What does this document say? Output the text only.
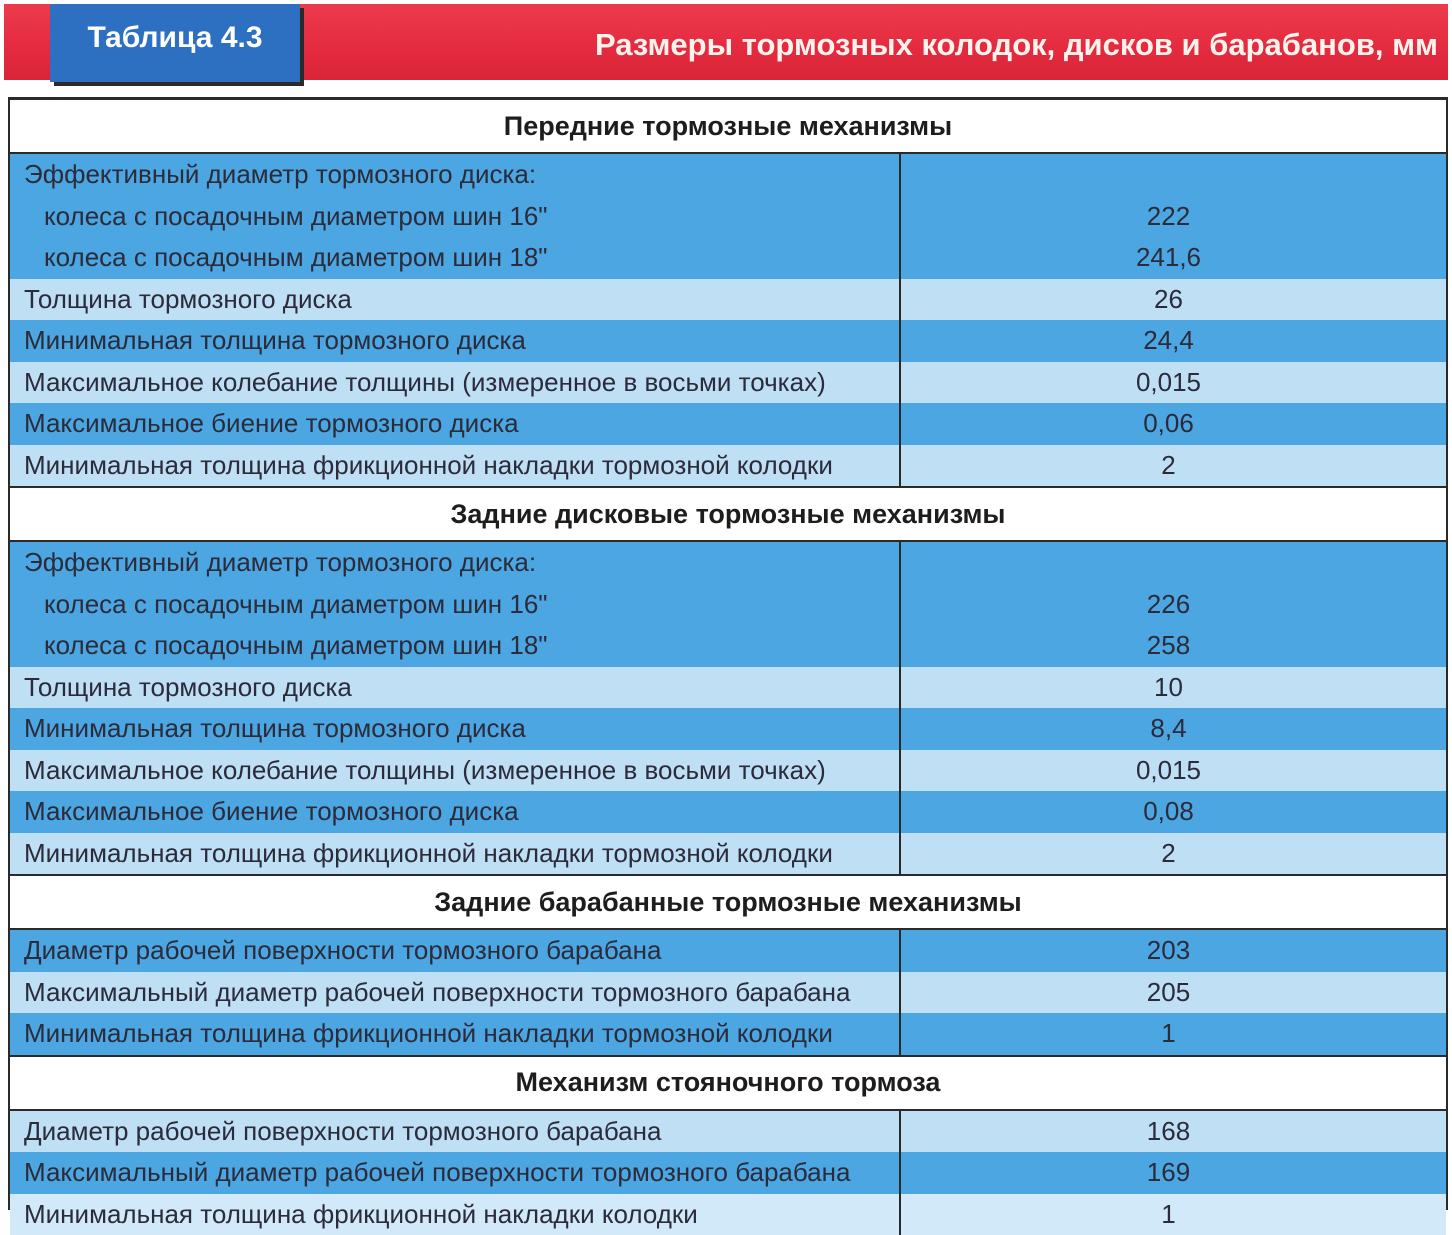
Таблица 4.3	Размеры тормозных колодок, дисков и барабанов, мм
Передние тормозные механизмы
Эффективный диаметр тормозного диска:
колеса с посадочным диаметром шин 16"	222
колеса с посадочным диаметром шин 18"	241,6
Толщина тормозного диска	26
Минимальная толщина тормозного диска	24,4
Максимальное колебание толщины (измеренное в восьми точках)	0,015
Максимальное биение тормозного диска	0,06
Минимальная толщина фрикционной накладки тормозной колодки	2
Задние дисковые тормозные механизмы
Эффективный диаметр тормозного диска:
колеса с посадочным диаметром шин 16"	226
колеса с посадочным диаметром шин 18"	258
Толщина тормозного диска	10
Минимальная толщина тормозного диска	8,4
Максимальное колебание толщины (измеренное в восьми точках)	0,015
Максимальное биение тормозного диска	0,08
Минимальная толщина фрикционной накладки тормозной колодки	2
Задние барабанные тормозные механизмы
Диаметр рабочей поверхности тормозного барабана	203
Максимальный диаметр рабочей поверхности тормозного барабана	205
Минимальная толщина фрикционной накладки тормозной колодки	1
Механизм стояночного тормоза
Диаметр рабочей поверхности тормозного барабана	168
Максимальный диаметр рабочей поверхности тормозного барабана	169
Минимальная толщина фрикционной накладки колодки	1
